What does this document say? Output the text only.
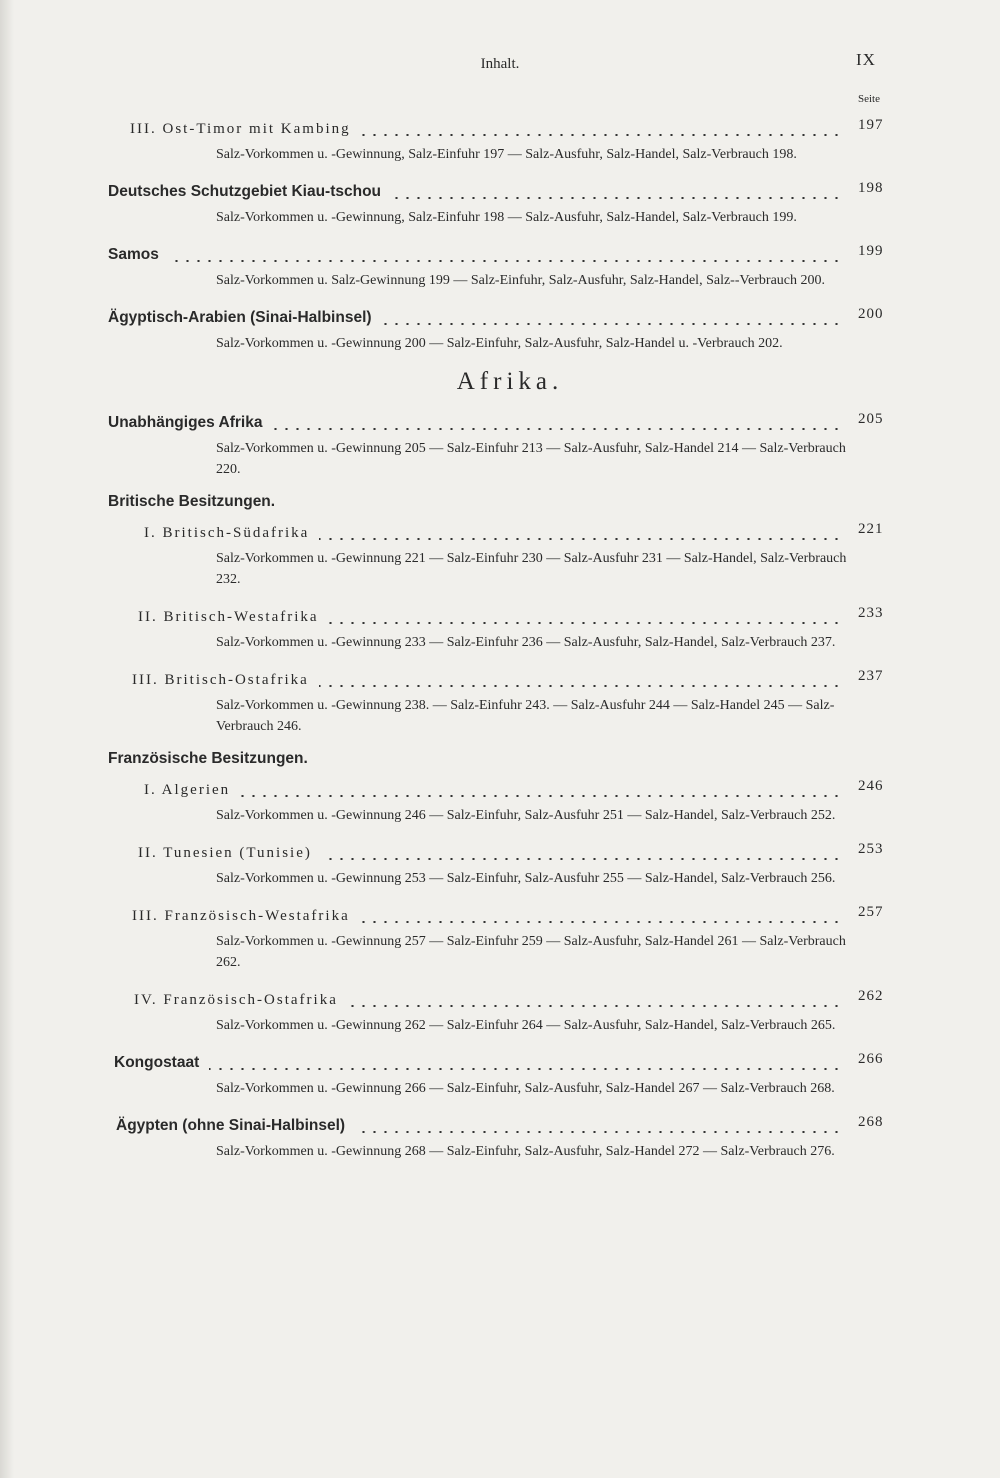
Inhalt.	IX
Seite
III. Ost-Timor mit Kambing	197
Salz-Vorkommen u. -Gewinnung, Salz-Einfuhr 197 — Salz-Ausfuhr, Salz-Handel, Salz-Verbrauch 198.
Deutsches Schutzgebiet Kiau-tschou	198
Salz-Vorkommen u. -Gewinnung, Salz-Einfuhr 198 — Salz-Ausfuhr, Salz-Handel, Salz-Verbrauch 199.
Samos	199
Salz-Vorkommen u. Salz-Gewinnung 199 — Salz-Einfuhr, Salz-Ausfuhr, Salz-Handel, Salz--Verbrauch 200.
Ägyptisch-Arabien (Sinai-Halbinsel)	200
Salz-Vorkommen u. -Gewinnung 200 — Salz-Einfuhr, Salz-Ausfuhr, Salz-Handel u. -Verbrauch 202.
Afrika.
Unabhängiges Afrika	205
Salz-Vorkommen u. -Gewinnung 205 — Salz-Einfuhr 213 — Salz-Ausfuhr, Salz-Handel 214 — Salz-Verbrauch 220.
Britische Besitzungen.
I. Britisch-Südafrika	221
Salz-Vorkommen u. -Gewinnung 221 — Salz-Einfuhr 230 — Salz-Ausfuhr 231 — Salz-Handel, Salz-Verbrauch 232.
II. Britisch-Westafrika	233
Salz-Vorkommen u. -Gewinnung 233 — Salz-Einfuhr 236 — Salz-Ausfuhr, Salz-Handel, Salz-Verbrauch 237.
III. Britisch-Ostafrika	237
Salz-Vorkommen u. -Gewinnung 238. — Salz-Einfuhr 243. — Salz-Ausfuhr 244 — Salz-Handel 245 — Salz-Verbrauch 246.
Französische Besitzungen.
I. Algerien	246
Salz-Vorkommen u. -Gewinnung 246 — Salz-Einfuhr, Salz-Ausfuhr 251 — Salz-Handel, Salz-Verbrauch 252.
II. Tunesien (Tunisie)	253
Salz-Vorkommen u. -Gewinnung 253 — Salz-Einfuhr, Salz-Ausfuhr 255 — Salz-Handel, Salz-Verbrauch 256.
III. Französisch-Westafrika	257
Salz-Vorkommen u. -Gewinnung 257 — Salz-Einfuhr 259 — Salz-Ausfuhr, Salz-Handel 261 — Salz-Verbrauch 262.
IV. Französisch-Ostafrika	262
Salz-Vorkommen u. -Gewinnung 262 — Salz-Einfuhr 264 — Salz-Ausfuhr, Salz-Handel, Salz-Verbrauch 265.
Kongostaat	266
Salz-Vorkommen u. -Gewinnung 266 — Salz-Einfuhr, Salz-Ausfuhr, Salz-Handel 267 — Salz-Verbrauch 268.
Ägypten (ohne Sinai-Halbinsel)	268
Salz-Vorkommen u. -Gewinnung 268 — Salz-Einfuhr, Salz-Ausfuhr, Salz-Handel 272 — Salz-Verbrauch 276.
